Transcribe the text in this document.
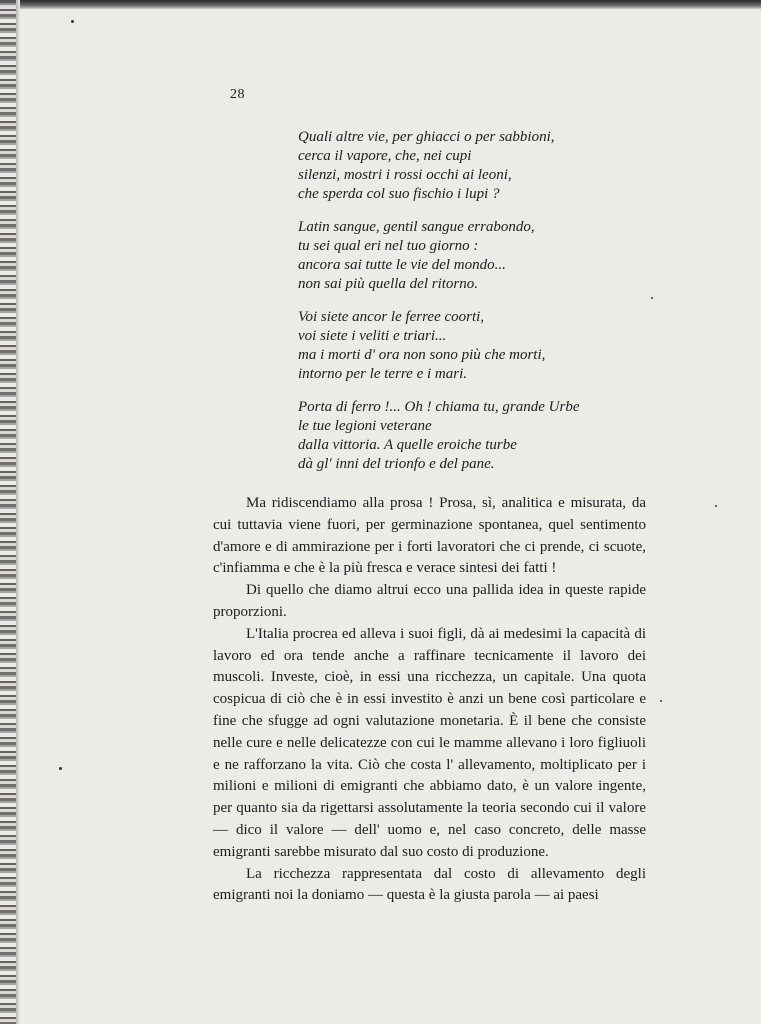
28
Quali altre vie, per ghiacci o per sabbioni,
cerca il vapore, che, nei cupi
silenzi, mostri i rossi occhi ai leoni,
che sperda col suo fischio i lupi ?
Latin sangue, gentil sangue errabondo,
tu sei qual eri nel tuo giorno :
ancora sai tutte le vie del mondo...
non sai più quella del ritorno.
Voi siete ancor le ferree coorti,
voi siete i veliti e triari...
ma i morti d' ora non sono più che morti,
intorno per le terre e i mari.
Porta di ferro !... Oh ! chiama tu, grande Urbe
le tue legioni veterane
dalla vittoria. A quelle eroiche turbe
dà gl' inni del trionfo e del pane.

Ma ridiscendiamo alla prosa ! Prosa, sì, analitica e misurata, da cui tuttavia viene fuori, per germinazione spontanea, quel sentimento d'amore e di ammirazione per i forti lavoratori che ci prende, ci scuote, c'infiamma e che è la più fresca e verace sintesi dei fatti !

Di quello che diamo altrui ecco una pallida idea in queste rapide proporzioni.

L'Italia procrea ed alleva i suoi figli, dà ai medesimi la capacità di lavoro ed ora tende anche a raffinare tecnicamente il lavoro dei muscoli. Investe, cioè, in essi una ricchezza, un capitale. Una quota cospicua di ciò che è in essi investito è anzi un bene così particolare e fine che sfugge ad ogni valutazione monetaria. È il bene che consiste nelle cure e nelle delicatezze con cui le mamme allevano i loro figliuoli e ne rafforzano la vita. Ciò che costa l' allevamento, moltiplicato per i milioni e milioni di emigranti che abbiamo dato, è un valore ingente, per quanto sia da rigettarsi assolutamente la teoria secondo cui il valore — dico il valore — dell' uomo e, nel caso concreto, delle masse emigranti sarebbe misurato dal suo costo di produzione.

La ricchezza rappresentata dal costo di allevamento degli emigranti noi la doniamo — questa è la giusta parola — ai paesi
